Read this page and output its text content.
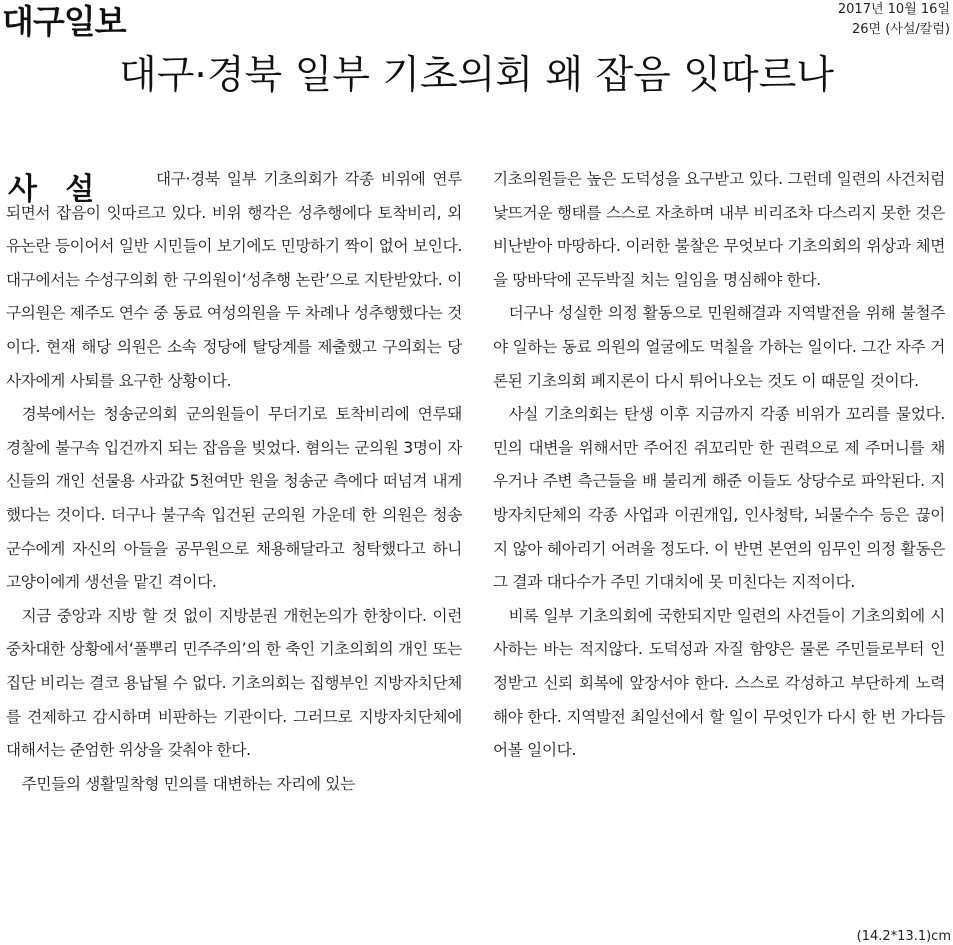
대구일보	2017년 10월 16일
26면 (사설/칼럼)
대구·경북 일부 기초의회 왜 잡음 잇따르나
사 설	대구·경북 일부 기초의회가 각종 비위에 연루되면서 잡음이 잇따르고 있다. 비위 행각은 성추행에다 토착비리, 외유논란 등이어서 일반 시민들이 보기에도 민망하기 짝이 없어 보인다. 대구에서는 수성구의회 한 구의원이‘성추행 논란’으로 지탄받았다. 이 구의원은 제주도 연수 중 동료 여성의원을 두 차례나 성추행했다는 것이다. 현재 해당 의원은 소속 정당에 탈당계를 제출했고 구의회는 당사자에게 사퇴를 요구한 상황이다.

경북에서는 청송군의회 군의원들이 무더기로 토착비리에 연루돼 경찰에 불구속 입건까지 되는 잡음을 빚었다. 혐의는 군의원 3명이 자신들의 개인 선물용 사과값 5천여만 원을 청송군 측에다 떠넘겨 내게 했다는 것이다. 더구나 불구속 입건된 군의원 가운데 한 의원은 청송군수에게 자신의 아들을 공무원으로 채용해달라고 청탁했다고 하니 고양이에게 생선을 맡긴 격이다.

지금 중앙과 지방 할 것 없이 지방분권 개헌논의가 한창이다. 이런 중차대한 상황에서‘풀뿌리 민주주의’의 한 축인 기초의회의 개인 또는 집단 비리는 결코 용납될 수 없다. 기초의회는 집행부인 지방자치단체를 견제하고 감시하며 비판하는 기관이다. 그러므로 지방자치단체에 대해서는 준엄한 위상을 갖춰야 한다.

주민들의 생활밀착형 민의를 대변하는 자리에 있는

기초의원들은 높은 도덕성을 요구받고 있다. 그런데 일련의 사건처럼 낯뜨거운 행태를 스스로 자초하며 내부 비리조차 다스리지 못한 것은 비난받아 마땅하다. 이러한 불찰은 무엇보다 기초의회의 위상과 체면을 땅바닥에 곤두박질 치는 일임을 명심해야 한다.

더구나 성실한 의정 활동으로 민원해결과 지역발전을 위해 불철주야 일하는 동료 의원의 얼굴에도 먹칠을 가하는 일이다. 그간 자주 거론된 기초의회 폐지론이 다시 튀어나오는 것도 이 때문일 것이다.

사실 기초의회는 탄생 이후 지금까지 각종 비위가 꼬리를 물었다. 민의 대변을 위해서만 주어진 쥐꼬리만 한 권력으로 제 주머니를 채우거나 주변 측근들을 배 불리게 해준 이들도 상당수로 파악된다. 지방자치단체의 각종 사업과 이권개입, 인사청탁, 뇌물수수 등은 끊이지 않아 헤아리기 어려울 정도다. 이 반면 본연의 임무인 의정 활동은 그 결과 대다수가 주민 기대치에 못 미친다는 지적이다.

비록 일부 기초의회에 국한되지만 일련의 사건들이 기초의회에 시사하는 바는 적지않다. 도덕성과 자질 함양은 물론 주민들로부터 인정받고 신뢰 회복에 앞장서야 한다. 스스로 각성하고 부단하게 노력해야 한다. 지역발전 최일선에서 할 일이 무엇인가 다시 한 번 가다듬어볼 일이다.

(14.2*13.1)cm
